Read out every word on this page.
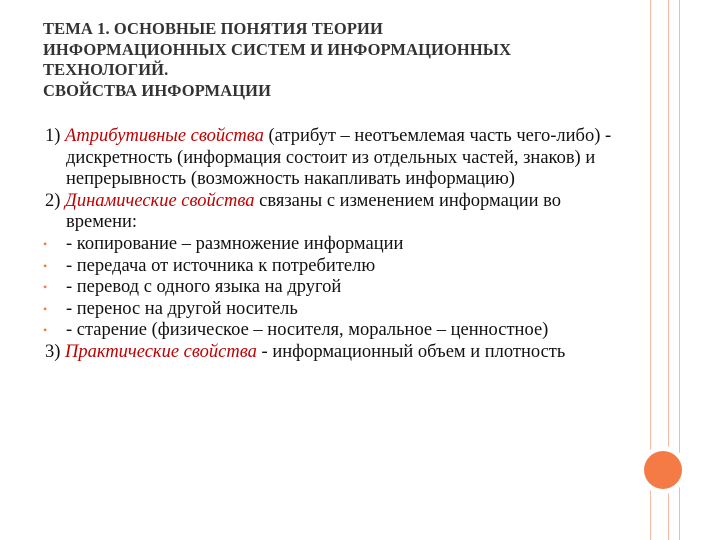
ТЕМА 1. ОСНОВНЫЕ ПОНЯТИЯ ТЕОРИИ
ИНФОРМАЦИОННЫХ СИСТЕМ И ИНФОРМАЦИОННЫХ
ТЕХНОЛОГИЙ.
СВОЙСТВА ИНФОРМАЦИИ

1) Атрибутивные свойства (атрибут – неотъемлемая часть чего-либо) - дискретность (информация состоит из отдельных частей, знаков) и непрерывность (возможность накапливать информацию)

2) Динамические свойства связаны с изменением информации во времени:

• - копирование – размножение информации

• - передача от источника к потребителю

• - перевод с одного языка на другой

• - перенос на другой носитель

• - старение (физическое – носителя, моральное – ценностное)

3) Практические свойства - информационный объем и плотность
